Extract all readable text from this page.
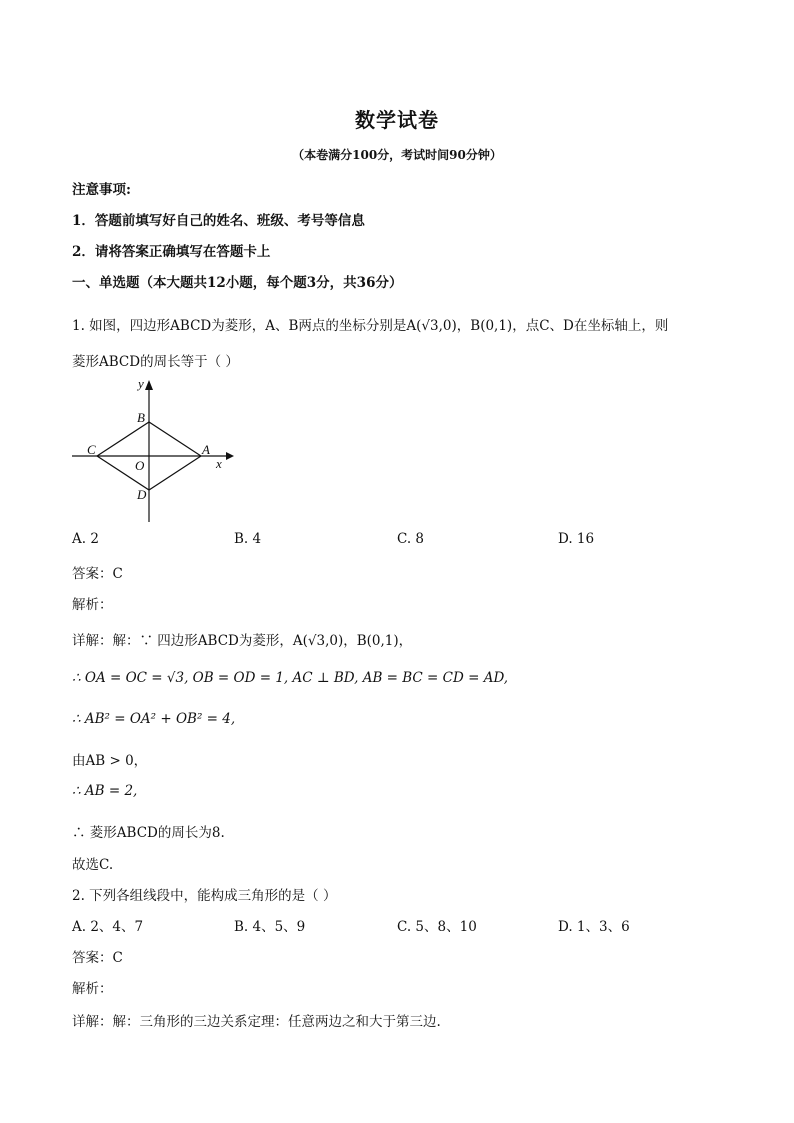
数学试卷
（本卷满分100分，考试时间90分钟）
注意事项:
1．答题前填写好自己的姓名、班级、考号等信息
2．请将答案正确填写在答题卡上
一、单选题（本大题共12小题，每个题3分，共36分）
1. 如图，四边形ABCD为菱形，A、B两点的坐标分别是A(√3,0)，B(0,1)，点C、D在坐标轴上，则
菱形ABCD的周长等于（ ）
y
x
A
B
C
D
O
A. 2	B. 4	C. 8	D. 16
答案：C
解析：
详解：解：∵ 四边形ABCD为菱形，A(√3,0)，B(0,1)，
∴ OA = OC = √3, OB = OD = 1, AC ⊥ BD, AB = BC = CD = AD,
∴ AB² = OA² + OB² = 4,
由AB > 0，
∴ AB = 2,
∴ 菱形ABCD的周长为8.
故选C.
2. 下列各组线段中，能构成三角形的是（ ）
A. 2、4、7	B. 4、5、9	C. 5、8、10	D. 1、3、6
答案：C
解析：
详解：解：三角形的三边关系定理：任意两边之和大于第三边.
